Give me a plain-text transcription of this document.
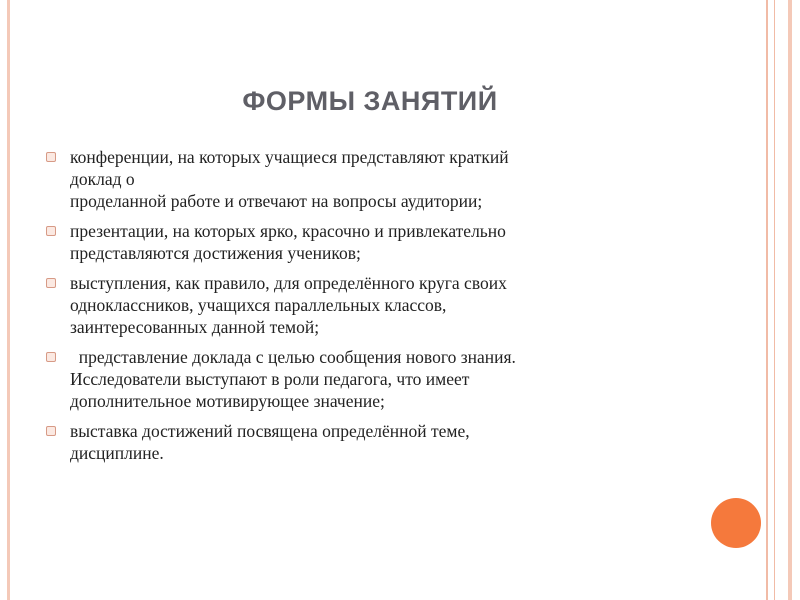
ФОРМЫ ЗАНЯТИЙ
конференции, на которых учащиеся представляют краткий
доклад о
проделанной работе и отвечают на вопросы аудитории;
презентации, на которых ярко, красочно и привлекательно
представляются достижения учеников;
выступления, как правило, для определённого круга своих
одноклассников, учащихся параллельных классов,
заинтересованных данной темой;
представление доклада с целью сообщения нового знания.
Исследователи выступают в роли педагога, что имеет
дополнительное мотивирующее значение;
выставка достижений посвящена определённой теме,
дисциплине.
